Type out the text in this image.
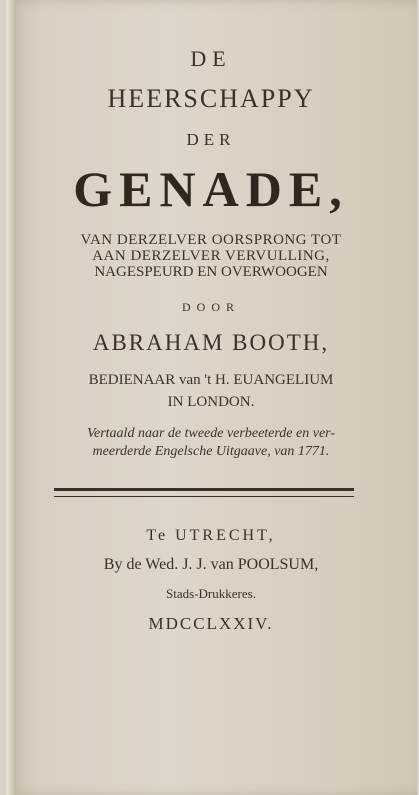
DE
HEERSCHAPPY
DER
GENADE,
VAN DERZELVER OORSPRONG TOT
AAN DERZELVER VERVULLING,
NAGESPEURD EN OVERWOOGEN
DOOR
ABRAHAM BOOTH,
BEDIENAAR van 't H. EUANGELIUM
IN LONDON.
Vertaald naar de tweede verbeeterde en ver-
meerderde Engelsche Uitgaave, van 1771.
Te UTRECHT,
By de Wed. J. J. van POOLSUM,
Stads-Drukkeres.
MDCCLXXIV.
